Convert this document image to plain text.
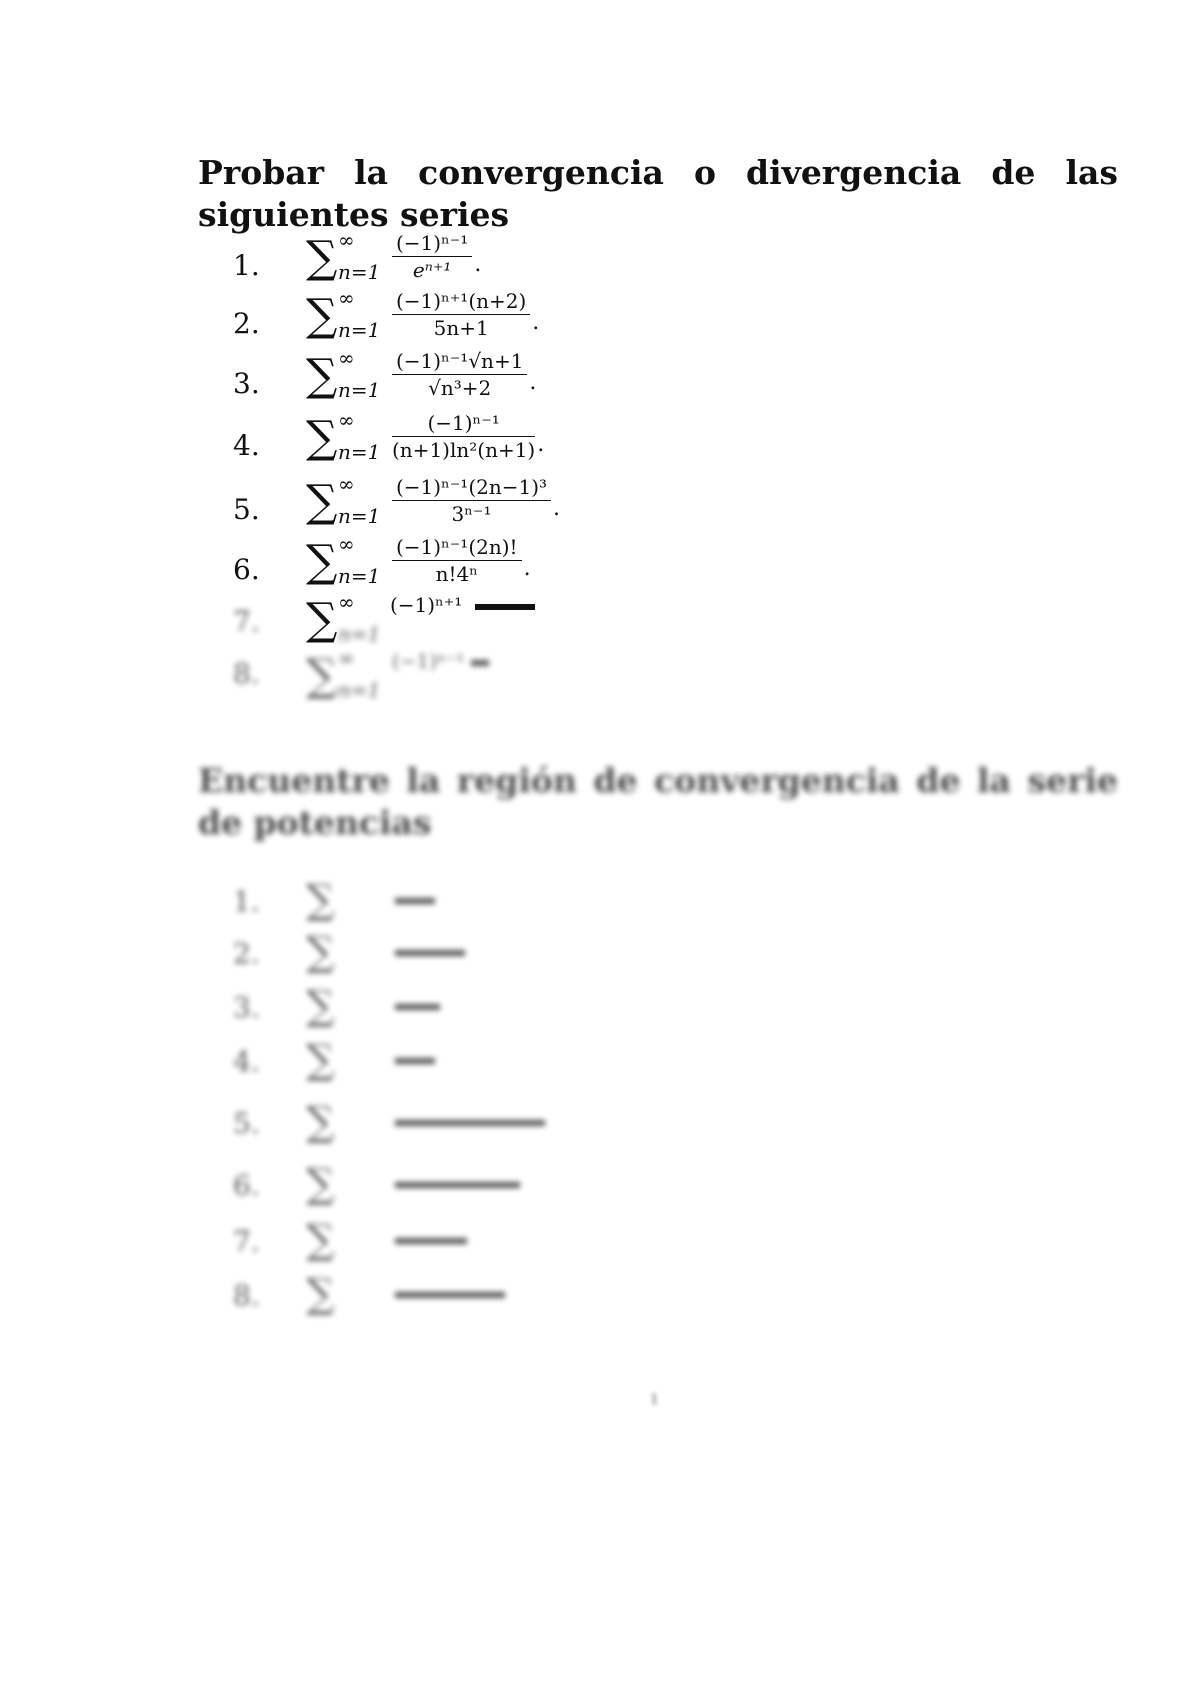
Probar la convergencia o divergencia de las siguientes series
1. ∑ ∞
n=1
(−1)ⁿ⁻¹
eⁿ⁺¹	.
2. ∑ ∞
n=1
(−1)ⁿ⁺¹(n+2)
5n+1	.
3. ∑ ∞
n=1
(−1)ⁿ⁻¹√n+1
√n³+2	.
4. ∑ ∞
n=1
(−1)ⁿ⁻¹
(n+1)ln²(n+1) .
5. ∑ ∞
n=1
(−1)ⁿ⁻¹(2n−1)³
3ⁿ⁻¹	.
6. ∑ ∞
n=1
(−1)ⁿ⁻¹(2n)!
n!4ⁿ	.
7. ∑ ∞
n=1
(−1)ⁿ⁺¹
8. ∑ ∞
n=1
(−1)ⁿ⁻¹
Encuentre la región de convergencia de la serie de potencias
1. ∑
2. ∑
3. ∑
4. ∑
5. ∑
6. ∑
7. ∑
8. ∑
1
